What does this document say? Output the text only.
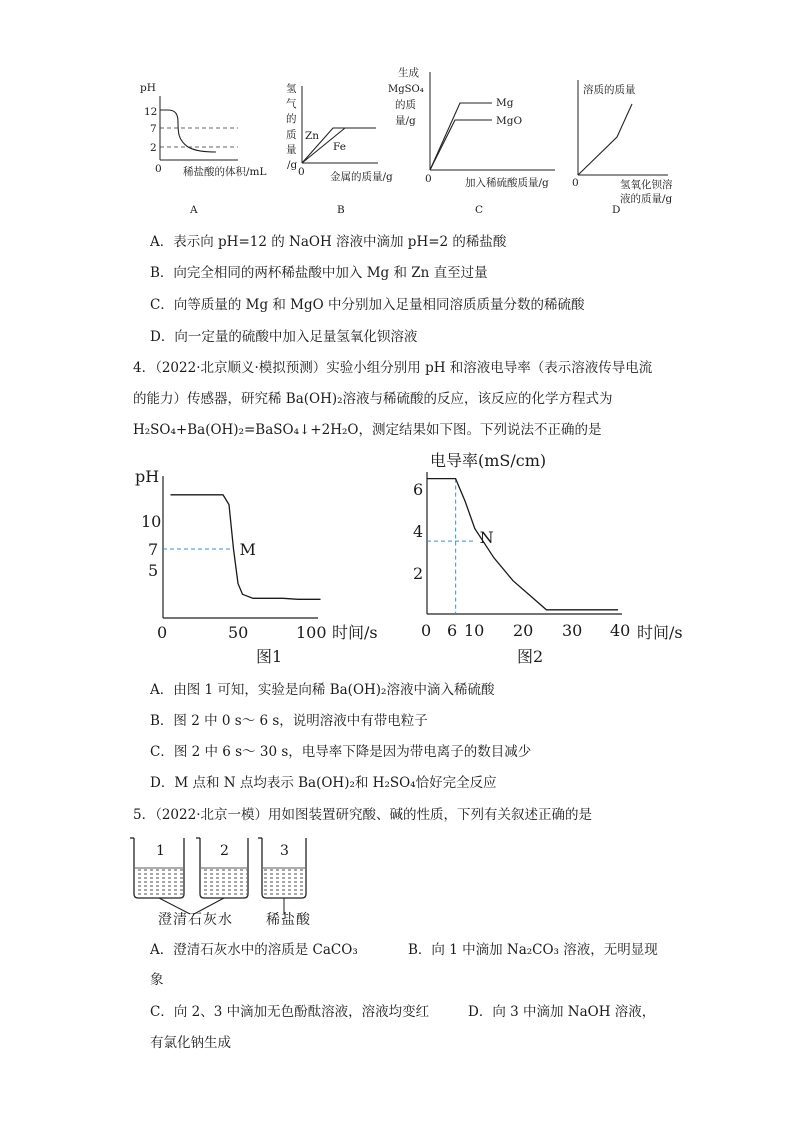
pH
12
7
2
0 稀盐酸的体积/mL
A
氢
气
的
质
量
/g
Zn
Fe
0 金属的质量/g
B
生成
MgSO₄
的质
量/g
Mg
MgO
0	加入稀硫酸质量/g
C
溶质的质量
0	氢氧化钡溶
液的质量/g
D
A．表示向 pH=12 的 NaOH 溶液中滴加 pH=2 的稀盐酸
B．向完全相同的两杯稀盐酸中加入 Mg 和 Zn 直至过量
C．向等质量的 Mg 和 MgO 中分别加入足量相同溶质质量分数的稀硫酸
D．向一定量的硫酸中加入足量氢氧化钡溶液
4．（2022·北京顺义·模拟预测）实验小组分别用 pH 和溶液电导率（表示溶液传导电流
的能力）传感器，研究稀 Ba(OH)₂溶液与稀硫酸的反应，该反应的化学方程式为
H₂SO₄+Ba(OH)₂=BaSO₄↓+2H₂O，测定结果如下图。下列说法不正确的是
pH
10
7
5
M
0	50	100 时间/s
图1
电导率(mS/cm)
6
4
2
N
0 6 10 20 30 40 时间/s
图2
A．由图 1 可知，实验是向稀 Ba(OH)₂溶液中滴入稀硫酸
B．图 2 中 0 s～ 6 s，说明溶液中有带电粒子
C．图 2 中 6 s～ 30 s，电导率下降是因为带电离子的数目减少
D．M 点和 N 点均表示 Ba(OH)₂和 H₂SO₄恰好完全反应
5．（2022·北京一模）用如图装置研究酸、碱的性质，下列有关叙述正确的是
1	2	3
澄清石灰水 稀盐酸
A．澄清石灰水中的溶质是 CaCO₃	B．向 1 中滴加 Na₂CO₃ 溶液，无明显现
象
C．向 2、3 中滴加无色酚酞溶液，溶液均变红	D．向 3 中滴加 NaOH 溶液，
有氯化钠生成
